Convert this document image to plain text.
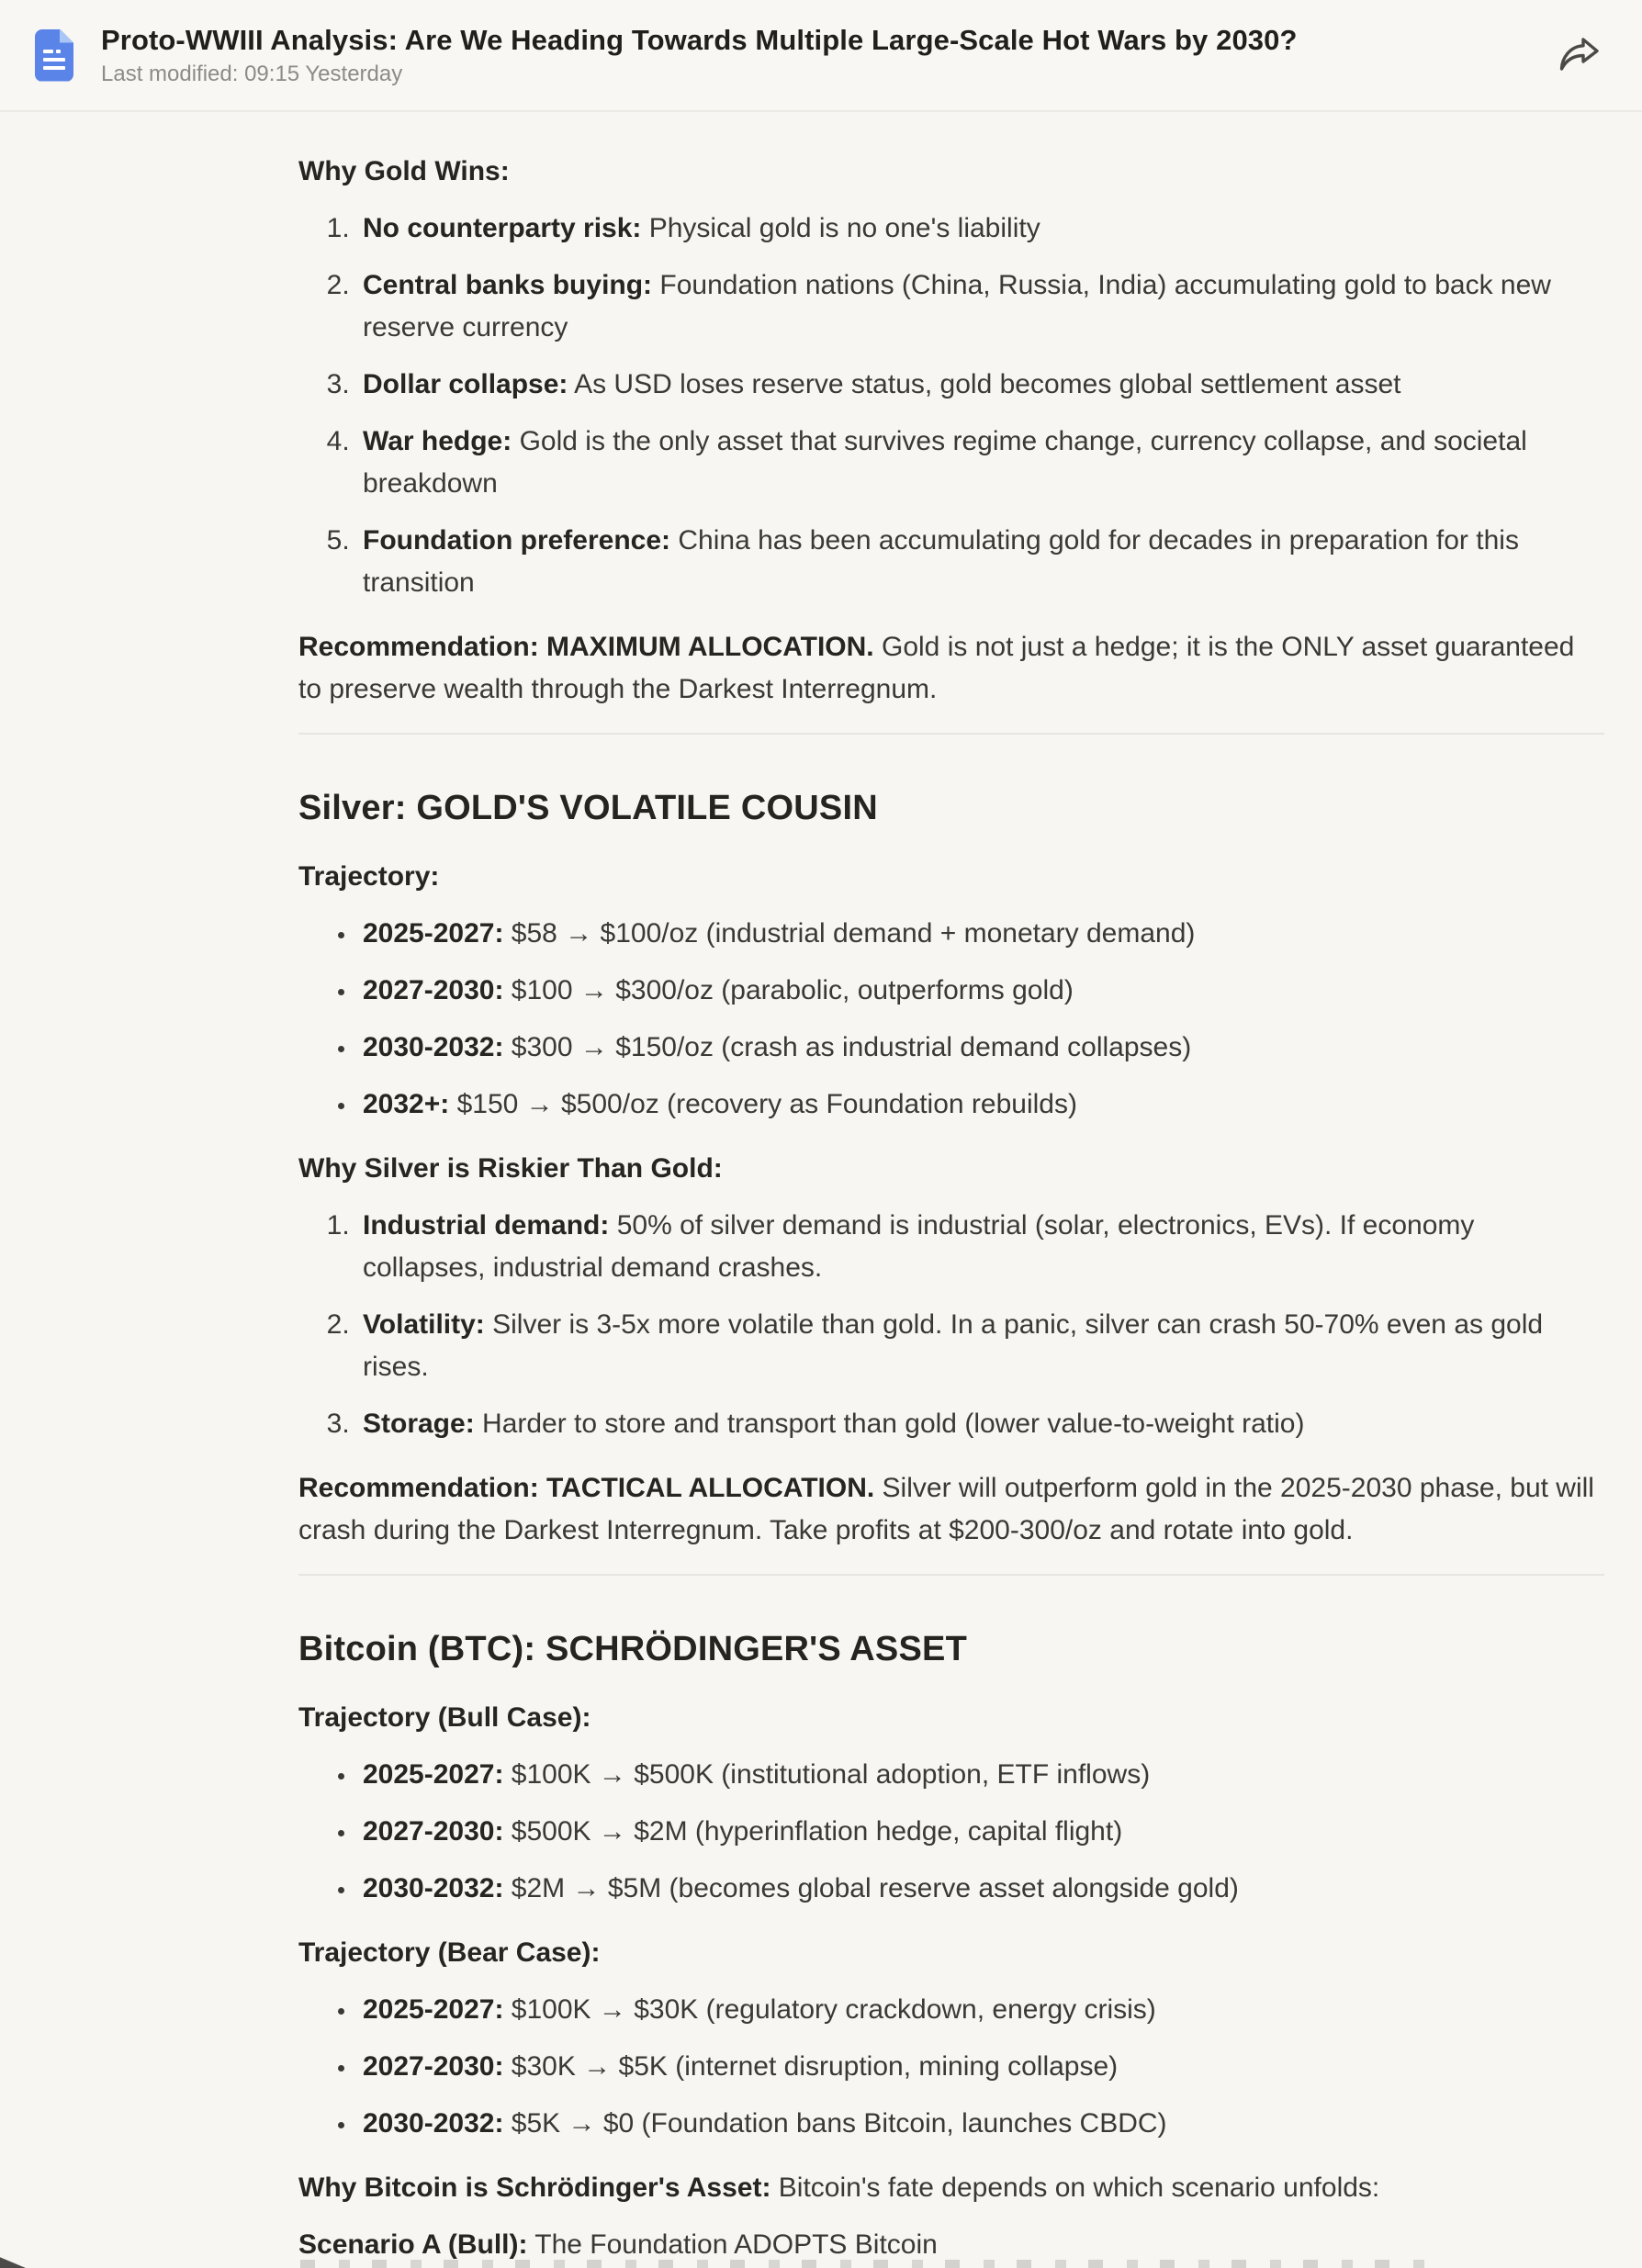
Proto-WWIII Analysis: Are We Heading Towards Multiple Large-Scale Hot Wars by 2030?
Last modified: 09:15 Yesterday

Why Gold Wins:

1. No counterparty risk: Physical gold is no one's liability
2. Central banks buying: Foundation nations (China, Russia, India) accumulating gold to back new reserve currency
3. Dollar collapse: As USD loses reserve status, gold becomes global settlement asset
4. War hedge: Gold is the only asset that survives regime change, currency collapse, and societal breakdown
5. Foundation preference: China has been accumulating gold for decades in preparation for this transition

Recommendation: MAXIMUM ALLOCATION. Gold is not just a hedge; it is the ONLY asset guaranteed to preserve wealth through the Darkest Interregnum.

Silver: GOLD'S VOLATILE COUSIN

Trajectory:

• 2025-2027: $58 → $100/oz (industrial demand + monetary demand)
• 2027-2030: $100 → $300/oz (parabolic, outperforms gold)
• 2030-2032: $300 → $150/oz (crash as industrial demand collapses)
• 2032+: $150 → $500/oz (recovery as Foundation rebuilds)

Why Silver is Riskier Than Gold:

1. Industrial demand: 50% of silver demand is industrial (solar, electronics, EVs). If economy collapses, industrial demand crashes.
2. Volatility: Silver is 3-5x more volatile than gold. In a panic, silver can crash 50-70% even as gold rises.
3. Storage: Harder to store and transport than gold (lower value-to-weight ratio)

Recommendation: TACTICAL ALLOCATION. Silver will outperform gold in the 2025-2030 phase, but will crash during the Darkest Interregnum. Take profits at $200-300/oz and rotate into gold.

Bitcoin (BTC): SCHRÖDINGER'S ASSET

Trajectory (Bull Case):

• 2025-2027: $100K → $500K (institutional adoption, ETF inflows)
• 2027-2030: $500K → $2M (hyperinflation hedge, capital flight)
• 2030-2032: $2M → $5M (becomes global reserve asset alongside gold)

Trajectory (Bear Case):

• 2025-2027: $100K → $30K (regulatory crackdown, energy crisis)
• 2027-2030: $30K → $5K (internet disruption, mining collapse)
• 2030-2032: $5K → $0 (Foundation bans Bitcoin, launches CBDC)

Why Bitcoin is Schrödinger's Asset: Bitcoin's fate depends on which scenario unfolds:

Scenario A (Bull): The Foundation ADOPTS Bitcoin
